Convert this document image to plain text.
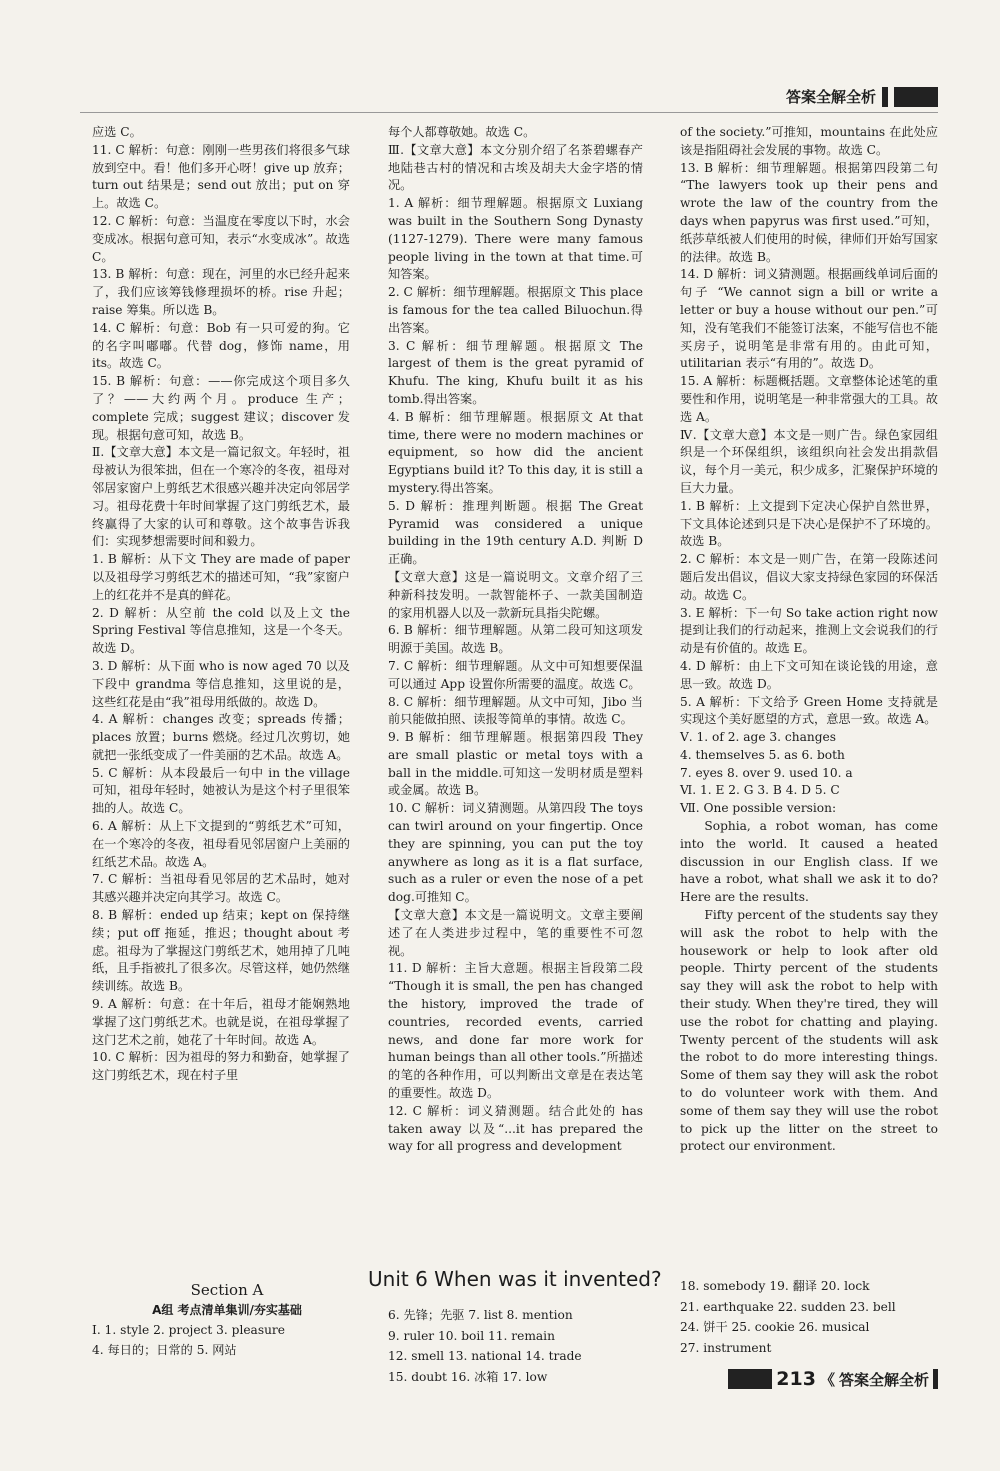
答案全解全析

应选 C。

11. C 解析：句意：刚刚一些男孩们将很多气球放到空中。看！他们多开心呀！give up 放弃；turn out 结果是；send out 放出；put on 穿上。故选 C。

12. C 解析：句意：当温度在零度以下时，水会变成冰。根据句意可知，表示“水变成冰”。故选 C。

13. B 解析：句意：现在，河里的水已经升起来了，我们应该筹钱修理损坏的桥。rise 升起；raise 筹集。所以选 B。

14. C 解析：句意：Bob 有一只可爱的狗。它的名字叫嘟嘟。代替 dog，修饰 name，用 its。故选 C。

15. B 解析：句意：——你完成这个项目多久了？——大约两个月。produce 生产；complete 完成；suggest 建议；discover 发现。根据句意可知，故选 B。

Ⅱ.【文章大意】本文是一篇记叙文。年轻时，祖母被认为很笨拙，但在一个寒冷的冬夜，祖母对邻居家窗户上剪纸艺术很感兴趣并决定向邻居学习。祖母花费十年时间掌握了这门剪纸艺术，最终赢得了大家的认可和尊敬。这个故事告诉我们：实现梦想需要时间和毅力。

1. B 解析：从下文 They are made of paper 以及祖母学习剪纸艺术的描述可知，“我”家窗户上的红花并不是真的鲜花。

2. D 解析：从空前 the cold 以及上文 the Spring Festival 等信息推知，这是一个冬天。故选 D。

3. D 解析：从下面 who is now aged 70 以及下段中 grandma 等信息推知，这里说的是，这些红花是由“我”祖母用纸做的。故选 D。

4. A 解析：changes 改变；spreads 传播；places 放置；burns 燃烧。经过几次剪切，她就把一张纸变成了一件美丽的艺术品。故选 A。

5. C 解析：从本段最后一句中 in the village 可知，祖母年轻时，她被认为是这个村子里很笨拙的人。故选 C。

6. A 解析：从上下文提到的“剪纸艺术”可知，在一个寒冷的冬夜，祖母看见邻居窗户上美丽的红纸艺术品。故选 A。

7. C 解析：当祖母看见邻居的艺术品时，她对其感兴趣并决定向其学习。故选 C。

8. B 解析：ended up 结束；kept on 保持继续；put off 拖延，推迟；thought about 考虑。祖母为了掌握这门剪纸艺术，她用掉了几吨纸，且手指被扎了很多次。尽管这样，她仍然继续训练。故选 B。

9. A 解析：句意：在十年后，祖母才能娴熟地掌握了这门剪纸艺术。也就是说，在祖母掌握了这门艺术之前，她花了十年时间。故选 A。

10. C 解析：因为祖母的努力和勤奋，她掌握了这门剪纸艺术，现在村子里

每个人都尊敬她。故选 C。

Ⅲ.【文章大意】本文分别介绍了名茶碧螺春产地陆巷古村的情况和古埃及胡夫大金字塔的情况。

1. A 解析：细节理解题。根据原文 Luxiang was built in the Southern Song Dynasty (1127-1279). There were many famous people living in the town at that time.可知答案。

2. C 解析：细节理解题。根据原文 This place is famous for the tea called Biluochun.得出答案。

3. C 解析：细节理解题。根据原文 The largest of them is the great pyramid of Khufu. The king, Khufu built it as his tomb.得出答案。

4. B 解析：细节理解题。根据原文 At that time, there were no modern machines or equipment, so how did the ancient Egyptians build it? To this day, it is still a mystery.得出答案。

5. D 解析：推理判断题。根据 The Great Pyramid was considered a unique building in the 19th century A.D. 判断 D 正确。

【文章大意】这是一篇说明文。文章介绍了三种新科技发明。一款智能杯子、一款美国制造的家用机器人以及一款新玩具指尖陀螺。

6. B 解析：细节理解题。从第二段可知这项发明源于美国。故选 B。

7. C 解析：细节理解题。从文中可知想要保温可以通过 App 设置你所需要的温度。故选 C。

8. C 解析：细节理解题。从文中可知，Jibo 当前只能做拍照、读报等简单的事情。故选 C。

9. B 解析：细节理解题。根据第四段 They are small plastic or metal toys with a ball in the middle.可知这一发明材质是塑料或金属。故选 B。

10. C 解析：词义猜测题。从第四段 The toys can twirl around on your fingertip. Once they are spinning, you can put the toy anywhere as long as it is a flat surface, such as a ruler or even the nose of a pet dog.可推知 C。

【文章大意】本文是一篇说明文。文章主要阐述了在人类进步过程中，笔的重要性不可忽视。

11. D 解析：主旨大意题。根据主旨段第二段 “Though it is small, the pen has changed the history, improved the trade of countries, recorded events, carried news, and done far more work for human beings than all other tools.”所描述的笔的各种作用，可以判断出文章是在表达笔的重要性。故选 D。

12. C 解析：词义猜测题。结合此处的 has taken away 以及“...it has prepared the way for all progress and development

of the society.”可推知，mountains 在此处应该是指阻碍社会发展的事物。故选 C。

13. B 解析：细节理解题。根据第四段第二句 “The lawyers took up their pens and wrote the law of the country from the days when papyrus was first used.”可知，纸莎草纸被人们使用的时候，律师们开始写国家的法律。故选 B。

14. D 解析：词义猜测题。根据画线单词后面的句子 “We cannot sign a bill or write a letter or buy a house without our pen.”可知，没有笔我们不能签订法案，不能写信也不能买房子，说明笔是非常有用的。由此可知，utilitarian 表示“有用的”。故选 D。

15. A 解析：标题概括题。文章整体论述笔的重要性和作用，说明笔是一种非常强大的工具。故选 A。

Ⅳ.【文章大意】本文是一则广告。绿色家园组织是一个环保组织，该组织向社会发出捐款倡议，每个月一美元，积少成多，汇聚保护环境的巨大力量。

1. B 解析：上文提到下定决心保护自然世界，下文具体论述到只是下决心是保护不了环境的。故选 B。

2. C 解析：本文是一则广告，在第一段陈述问题后发出倡议，倡议大家支持绿色家园的环保活动。故选 C。

3. E 解析：下一句 So take action right now 提到让我们的行动起来，推测上文会说我们的行动是有价值的。故选 E。

4. D 解析：由上下文可知在谈论钱的用途，意思一致。故选 D。

5. A 解析：下文给予 Green Home 支持就是实现这个美好愿望的方式，意思一致。故选 A。

Ⅴ. 1. of 2. age 3. changes

4. themselves 5. as 6. both

7. eyes 8. over 9. used 10. a

Ⅵ. 1. E 2. G 3. B 4. D 5. C

Ⅶ. One possible version:

Sophia, a robot woman, has come into the world. It caused a heated discussion in our English class. If we have a robot, what shall we ask it to do? Here are the results.

Fifty percent of the students say they will ask the robot to help with the housework or help to look after old people. Thirty percent of the students say they will ask the robot to help with their study. When they're tired, they will use the robot for chatting and playing. Twenty percent of the students will ask the robot to do more interesting things. Some of them say they will ask the robot to do volunteer work with them. And some of them say they will use the robot to pick up the litter on the street to protect our environment.

Unit 6 When was it invented?
Section A
A组 考点清单集训/夯实基础
Ⅰ. 1. style 2. project 3. pleasure
4. 每日的；日常的 5. 网站
18. somebody 19. 翻译 20. lock
21. earthquake 22. sudden 23. bell
24. 饼干 25. cookie 26. musical
27. instrument
6. 先锋；先驱 7. list 8. mention
9. ruler 10. boil 11. remain
12. smell 13. national 14. trade
15. doubt 16. 冰箱 17. low	213 《 答案全解全析
